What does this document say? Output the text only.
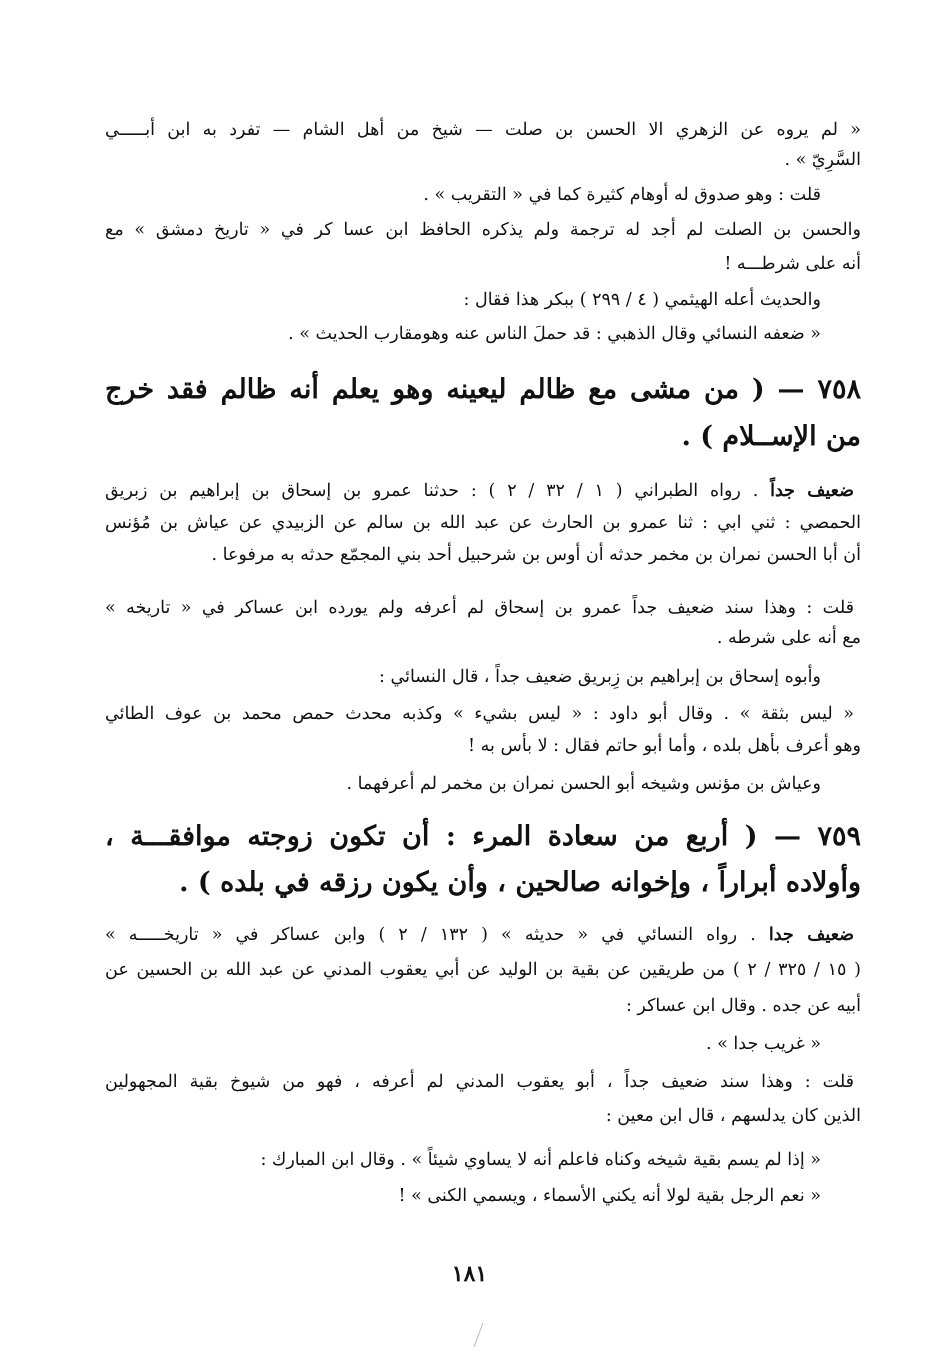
« لم يروه عن الزهري الا الحسن بن صلت — شيخ من أهل الشام — تفرد به ابن أبـــــي
السَّرِيّ » .
قلت : وهو صدوق له أوهام كثيرة كما في « التقريب » .
والحسن بن الصلت لم أجد له ترجمة ولم يذكره الحافظ ابن عسا كر في « تاريخ دمشق » مع
أنه على شرطـــه !
والحديث أعله الهيثمي ( ٤ / ٢٩٩ ) ببكر هذا فقال :
« ضعفه النسائي وقال الذهبي : قد حملَ الناس عنه وهومقارب الحديث » .
٧٥٨ — ( من مشى مع ظالم ليعينه وهو يعلم أنه ظالم فقد خرج
من الإســلام ) .
ضعيف جداً . رواه الطبراني ( ١ / ٣٢ / ٢ ) : حدثنا عمرو بن إسحاق بن إبراهيم بن زبريق
الحمصي : ثني ابي : ثنا عمرو بن الحارث عن عبد الله بن سالم عن الزبيدي عن عياش بن مُؤنس
أن أبا الحسن نمران بن مخمر حدثه أن أوس بن شرحبيل أحد بني المجمّع حدثه به مرفوعا .
قلت : وهذا سند ضعيف جداً عمرو بن إسحاق لم أعرفه ولم يورده ابن عساكر في « تاريخه »
مع أنه على شرطه .
وأبوه إسحاق بن إبراهيم بن زِبريق ضعيف جداً ، قال النسائي :
« ليس بثقة » . وقال أبو داود : « ليس بشيء » وكذبه محدث حمص محمد بن عوف الطائي
وهو أعرف بأهل بلده ، وأما أبو حاتم فقال : لا بأس به !
وعياش بن مؤنس وشيخه أبو الحسن نمران بن مخمر لم أعرفهما .
٧٥٩ — ( أربع من سعادة المرء : أن تكون زوجته موافقـــة ،
وأولاده أبراراً ، وإخوانه صالحين ، وأن يكون رزقه في بلده ) .
ضعيف جدا . رواه النسائي في « حديثه » ( ١٣٢ / ٢ ) وابن عساكر في « تاريخـــــه »
( ١٥ / ٣٢٥ / ٢ ) من طريقين عن بقية بن الوليد عن أبي يعقوب المدني عن عبد الله بن الحسين عن
أبيه عن جده . وقال ابن عساكر :
« غريب جدا » .
قلت : وهذا سند ضعيف جداً ، أبو يعقوب المدني لم أعرفه ، فهو من شيوخ بقية المجهولين
الذين كان يدلسهم ، قال ابن معين :
« إذا لم يسم بقية شيخه وكناه فاعلم أنه لا يساوي شيئاً » . وقال ابن المبارك :
« نعم الرجل بقية لولا أنه يكني الأسماء ، ويسمي الكنى » !
١٨١
